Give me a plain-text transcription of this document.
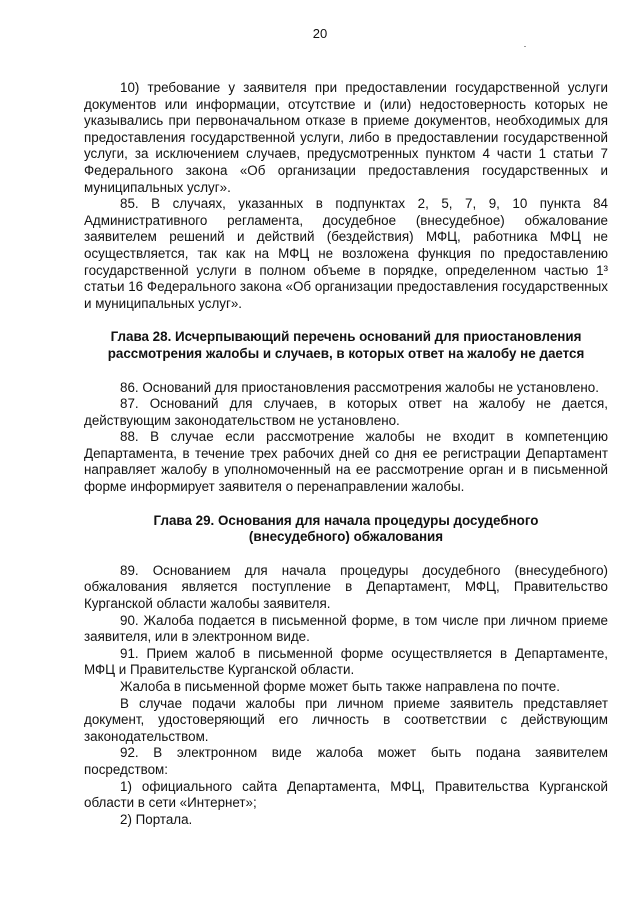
20

10) требование у заявителя при предоставлении государственной услуги документов или информации, отсутствие и (или) недостоверность которых не указывались при первоначальном отказе в приеме документов, необходимых для предоставления государственной услуги, либо в предоставлении государственной услуги, за исключением случаев, предусмотренных пунктом 4 части 1 статьи 7 Федерального закона «Об организации предоставления государственных и муниципальных услуг».

85. В случаях, указанных в подпунктах 2, 5, 7, 9, 10 пункта 84 Административного регламента, досудебное (внесудебное) обжалование заявителем решений и действий (бездействия) МФЦ, работника МФЦ не осуществляется, так как на МФЦ не возложена функция по предоставлению государственной услуги в полном объеме в порядке, определенном частью 1³ статьи 16 Федерального закона «Об организации предоставления государственных и муниципальных услуг».

Глава 28. Исчерпывающий перечень оснований для приостановления
рассмотрения жалобы и случаев, в которых ответ на жалобу не дается

86. Оснований для приостановления рассмотрения жалобы не установлено.

87. Оснований для случаев, в которых ответ на жалобу не дается, действующим законодательством не установлено.

88. В случае если рассмотрение жалобы не входит в компетенцию Департамента, в течение трех рабочих дней со дня ее регистрации Департамент направляет жалобу в уполномоченный на ее рассмотрение орган и в письменной форме информирует заявителя о перенаправлении жалобы.

Глава 29. Основания для начала процедуры досудебного
(внесудебного) обжалования

89. Основанием для начала процедуры досудебного (внесудебного) обжалования является поступление в Департамент, МФЦ, Правительство Курганской области жалобы заявителя.

90. Жалоба подается в письменной форме, в том числе при личном приеме заявителя, или в электронном виде.

91. Прием жалоб в письменной форме осуществляется в Департаменте, МФЦ и Правительстве Курганской области.

Жалоба в письменной форме может быть также направлена по почте.

В случае подачи жалобы при личном приеме заявитель представляет документ, удостоверяющий его личность в соответствии с действующим законодательством.

92. В электронном виде жалоба может быть подана заявителем посредством:

1) официального сайта Департамента, МФЦ, Правительства Курганской области в сети «Интернет»;

2) Портала.
